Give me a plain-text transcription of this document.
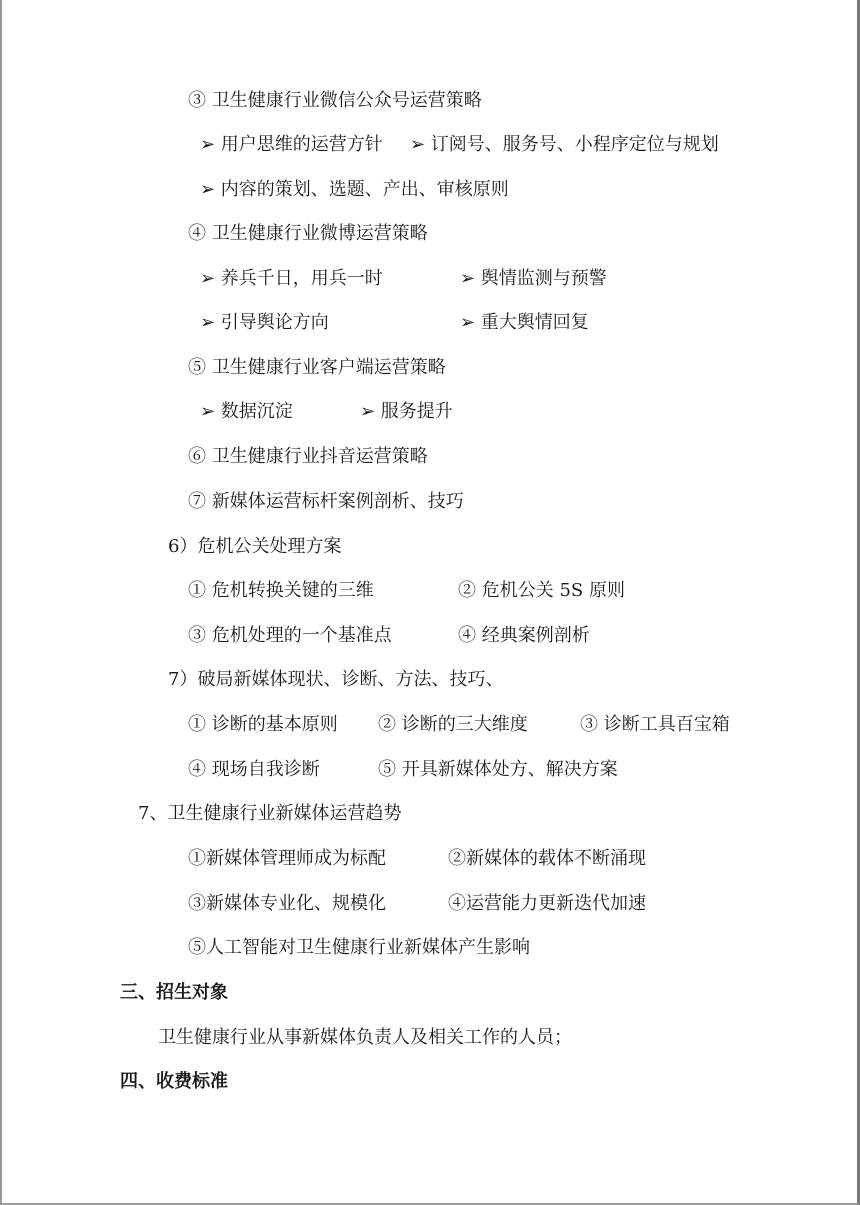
③ 卫生健康行业微信公众号运营策略
➢ 用户思维的运营方针 ➢ 订阅号、服务号、小程序定位与规划
➢ 内容的策划、选题、产出、审核原则
④ 卫生健康行业微博运营策略
➢ 养兵千日，用兵一时	➢ 舆情监测与预警
➢ 引导舆论方向	➢ 重大舆情回复
⑤ 卫生健康行业客户端运营策略
➢ 数据沉淀	➢ 服务提升
⑥ 卫生健康行业抖音运营策略
⑦ 新媒体运营标杆案例剖析、技巧
6）危机公关处理方案
① 危机转换关键的三维	② 危机公关 5S 原则
③ 危机处理的一个基准点	④ 经典案例剖析
7）破局新媒体现状、诊断、方法、技巧、
① 诊断的基本原则 ② 诊断的三大维度	③ 诊断工具百宝箱
④ 现场自我诊断	⑤ 开具新媒体处方、解决方案
7、卫生健康行业新媒体运营趋势
①新媒体管理师成为标配	②新媒体的载体不断涌现
③新媒体专业化、规模化	④运营能力更新迭代加速
⑤人工智能对卫生健康行业新媒体产生影响
三、招生对象
卫生健康行业从事新媒体负责人及相关工作的人员；
四、收费标准
